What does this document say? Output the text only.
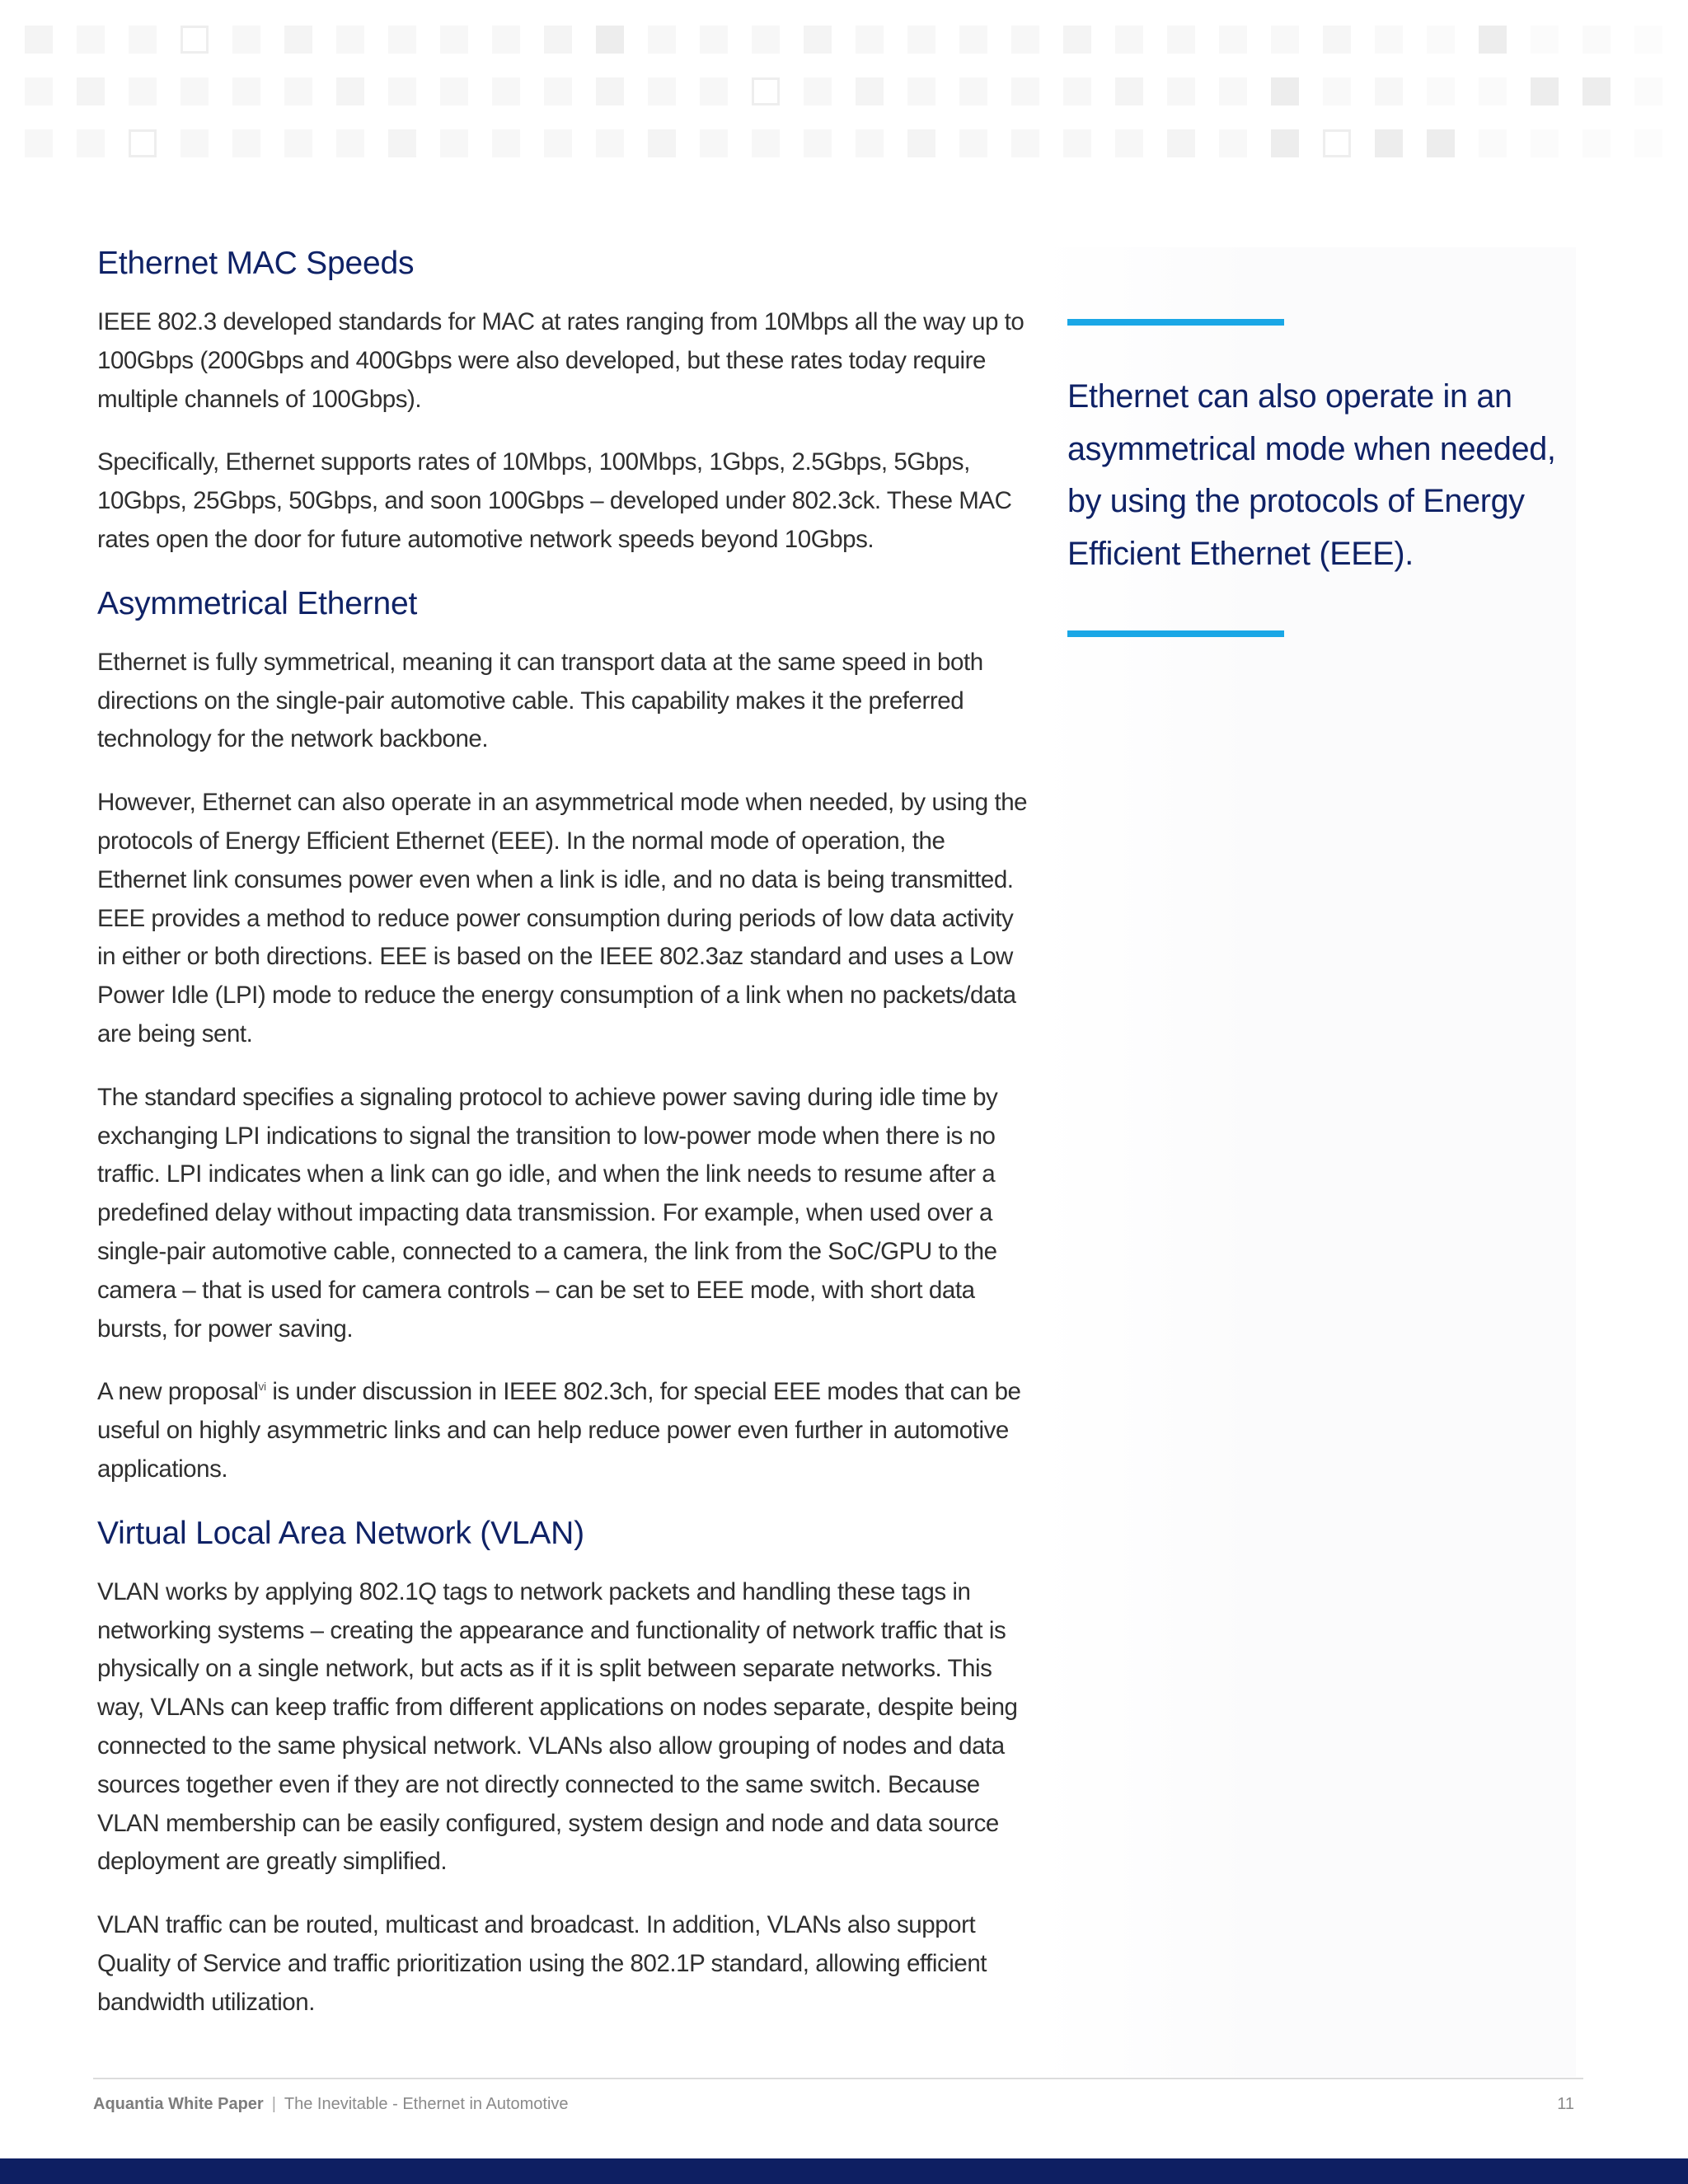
Ethernet MAC Speeds

IEEE 802.3 developed standards for MAC at rates ranging from 10Mbps all the way up to 100Gbps (200Gbps and 400Gbps were also developed, but these rates today require multiple channels of 100Gbps).

Specifically, Ethernet supports rates of 10Mbps, 100Mbps, 1Gbps, 2.5Gbps, 5Gbps, 10Gbps, 25Gbps, 50Gbps, and soon 100Gbps – developed under 802.3ck. These MAC rates open the door for future automotive network speeds beyond 10Gbps.

Asymmetrical Ethernet

Ethernet is fully symmetrical, meaning it can transport data at the same speed in both directions on the single-pair automotive cable. This capability makes it the preferred technology for the network backbone.

However, Ethernet can also operate in an asymmetrical mode when needed, by using the protocols of Energy Efficient Ethernet (EEE). In the normal mode of operation, the Ethernet link consumes power even when a link is idle, and no data is being transmitted. EEE provides a method to reduce power consumption during periods of low data activity in either or both directions. EEE is based on the IEEE 802.3az standard and uses a Low Power Idle (LPI) mode to reduce the energy consumption of a link when no packets/data are being sent.

The standard specifies a signaling protocol to achieve power saving during idle time by exchanging LPI indications to signal the transition to low-power mode when there is no traffic. LPI indicates when a link can go idle, and when the link needs to resume after a predefined delay without impacting data transmission. For example, when used over a single-pair automotive cable, connected to a camera, the link from the SoC/GPU to the camera – that is used for camera controls – can be set to EEE mode, with short data bursts, for power saving.

A new proposal$^{vi}$ is under discussion in IEEE 802.3ch, for special EEE modes that can be useful on highly asymmetric links and can help reduce power even further in automotive applications.

Virtual Local Area Network (VLAN)

VLAN works by applying 802.1Q tags to network packets and handling these tags in networking systems – creating the appearance and functionality of network traffic that is physically on a single network, but acts as if it is split between separate networks. This way, VLANs can keep traffic from different applications on nodes separate, despite being connected to the same physical network. VLANs also allow grouping of nodes and data sources together even if they are not directly connected to the same switch. Because VLAN membership can be easily configured, system design and node and data source deployment are greatly simplified.

VLAN traffic can be routed, multicast and broadcast. In addition, VLANs also support Quality of Service and traffic prioritization using the 802.1P standard, allowing efficient bandwidth utilization.

Ethernet can also operate in an asymmetrical mode when needed, by using the protocols of Energy Efficient Ethernet (EEE).
Aquantia White Paper | The Inevitable - Ethernet in Automotive	11
